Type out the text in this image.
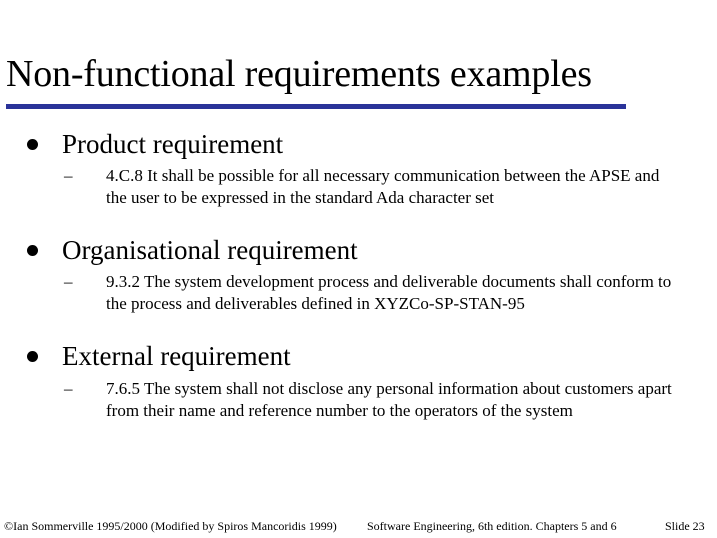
Non-functional requirements examples
Product requirement
– 4.C.8 It shall be possible for all necessary communication between the APSE and the user to be expressed in the standard Ada character set
Organisational requirement
– 9.3.2 The system development process and deliverable documents shall conform to the process and deliverables defined in XYZCo-SP-STAN-95
External requirement
– 7.6.5 The system shall not disclose any personal information about customers apart from their name and reference number to the operators of the system
©Ian Sommerville 1995/2000 (Modified by Spiros Mancoridis 1999)	Software Engineering, 6th edition. Chapters 5 and 6	Slide 23
